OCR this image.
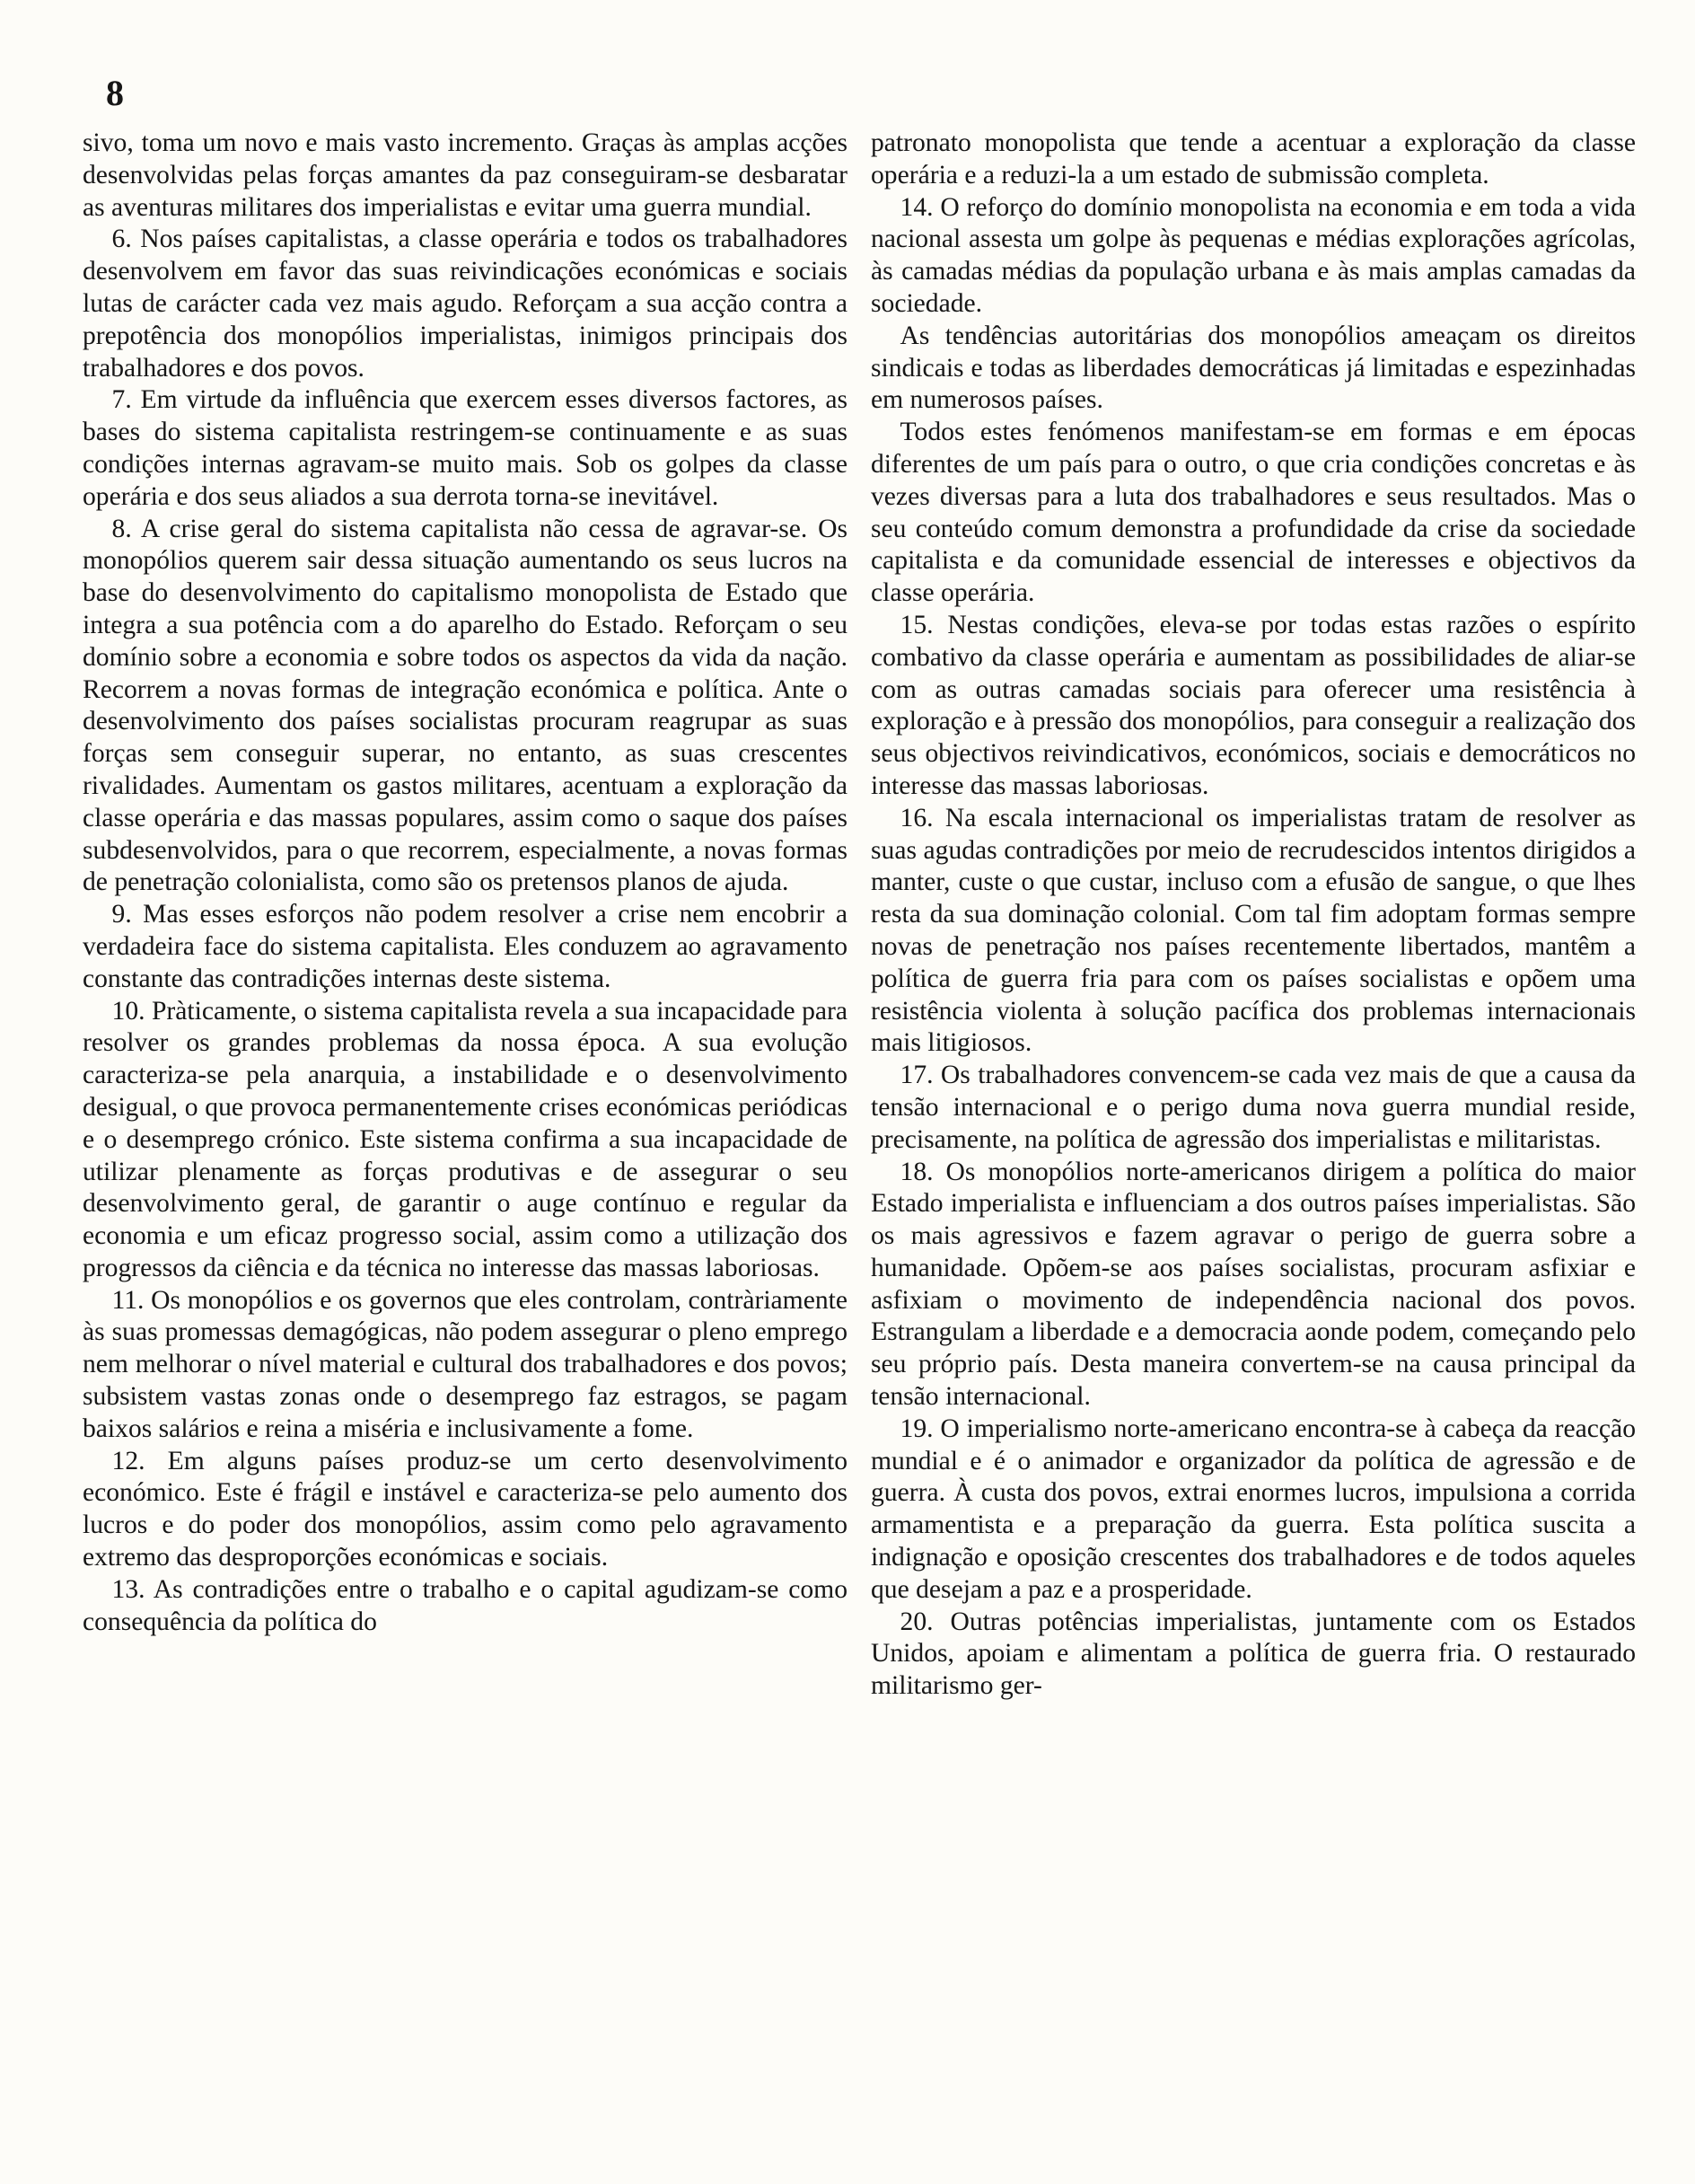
8

sivo, toma um novo e mais vasto incremento. Graças às amplas acções desenvolvidas pelas forças amantes da paz conseguiram-se desbaratar as aventuras militares dos imperialistas e evitar uma guerra mundial.

6. Nos países capitalistas, a classe operária e todos os trabalhadores desenvolvem em favor das suas reivindicações económicas e sociais lutas de carácter cada vez mais agudo. Reforçam a sua acção contra a prepotência dos monopólios imperialistas, inimigos principais dos trabalhadores e dos povos.

7. Em virtude da influência que exercem esses diversos factores, as bases do sistema capitalista restringem-se continuamente e as suas condições internas agravam-se muito mais. Sob os golpes da classe operária e dos seus aliados a sua derrota torna-se inevitável.

8. A crise geral do sistema capitalista não cessa de agravar-se. Os monopólios querem sair dessa situação aumentando os seus lucros na base do desenvolvimento do capitalismo monopolista de Estado que integra a sua potência com a do aparelho do Estado. Reforçam o seu domínio sobre a economia e sobre todos os aspectos da vida da nação. Recorrem a novas formas de integração económica e política. Ante o desenvolvimento dos países socialistas procuram reagrupar as suas forças sem conseguir superar, no entanto, as suas crescentes rivalidades. Aumentam os gastos militares, acentuam a exploração da classe operária e das massas populares, assim como o saque dos países subdesenvolvidos, para o que recorrem, especialmente, a novas formas de penetração colonialista, como são os pretensos planos de ajuda.

9. Mas esses esforços não podem resolver a crise nem encobrir a verdadeira face do sistema capitalista. Eles conduzem ao agravamento constante das contradições internas deste sistema.

10. Pràticamente, o sistema capitalista revela a sua incapacidade para resolver os grandes problemas da nossa época. A sua evolução caracteriza-se pela anarquia, a instabilidade e o desenvolvimento desigual, o que provoca permanentemente crises económicas periódicas e o desemprego crónico. Este sistema confirma a sua incapacidade de utilizar plenamente as forças produtivas e de assegurar o seu desenvolvimento geral, de garantir o auge contínuo e regular da economia e um eficaz progresso social, assim como a utilização dos progressos da ciência e da técnica no interesse das massas laboriosas.

11. Os monopólios e os governos que eles controlam, contràriamente às suas promessas demagógicas, não podem assegurar o pleno emprego nem melhorar o nível material e cultural dos trabalhadores e dos povos; subsistem vastas zonas onde o desemprego faz estragos, se pagam baixos salários e reina a miséria e inclusivamente a fome.

12. Em alguns países produz-se um certo desenvolvimento económico. Este é frágil e instável e caracteriza-se pelo aumento dos lucros e do poder dos monopólios, assim como pelo agravamento extremo das desproporções económicas e sociais.

13. As contradições entre o trabalho e o capital agudizam-se como consequência da política do

patronato monopolista que tende a acentuar a exploração da classe operária e a reduzi-la a um estado de submissão completa.

14. O reforço do domínio monopolista na economia e em toda a vida nacional assesta um golpe às pequenas e médias explorações agrícolas, às camadas médias da população urbana e às mais amplas camadas da sociedade.

As tendências autoritárias dos monopólios ameaçam os direitos sindicais e todas as liberdades democráticas já limitadas e espezinhadas em numerosos países.

Todos estes fenómenos manifestam-se em formas e em épocas diferentes de um país para o outro, o que cria condições concretas e às vezes diversas para a luta dos trabalhadores e seus resultados. Mas o seu conteúdo comum demonstra a profundidade da crise da sociedade capitalista e da comunidade essencial de interesses e objectivos da classe operária.

15. Nestas condições, eleva-se por todas estas razões o espírito combativo da classe operária e aumentam as possibilidades de aliar-se com as outras camadas sociais para oferecer uma resistência à exploração e à pressão dos monopólios, para conseguir a realização dos seus objectivos reivindicativos, económicos, sociais e democráticos no interesse das massas laboriosas.

16. Na escala internacional os imperialistas tratam de resolver as suas agudas contradições por meio de recrudescidos intentos dirigidos a manter, custe o que custar, incluso com a efusão de sangue, o que lhes resta da sua dominação colonial. Com tal fim adoptam formas sempre novas de penetração nos países recentemente libertados, mantêm a política de guerra fria para com os países socialistas e opõem uma resistência violenta à solução pacífica dos problemas internacionais mais litigiosos.

17. Os trabalhadores convencem-se cada vez mais de que a causa da tensão internacional e o perigo duma nova guerra mundial reside, precisamente, na política de agressão dos imperialistas e militaristas.

18. Os monopólios norte-americanos dirigem a política do maior Estado imperialista e influenciam a dos outros países imperialistas. São os mais agressivos e fazem agravar o perigo de guerra sobre a humanidade. Opõem-se aos países socialistas, procuram asfixiar e asfixiam o movimento de independência nacional dos povos. Estrangulam a liberdade e a democracia aonde podem, começando pelo seu próprio país. Desta maneira convertem-se na causa principal da tensão internacional.

19. O imperialismo norte-americano encontra-se à cabeça da reacção mundial e é o animador e organizador da política de agressão e de guerra. À custa dos povos, extrai enormes lucros, impulsiona a corrida armamentista e a preparação da guerra. Esta política suscita a indignação e oposição crescentes dos trabalhadores e de todos aqueles que desejam a paz e a prosperidade.

20. Outras potências imperialistas, juntamente com os Estados Unidos, apoiam e alimentam a política de guerra fria. O restaurado militarismo ger-
